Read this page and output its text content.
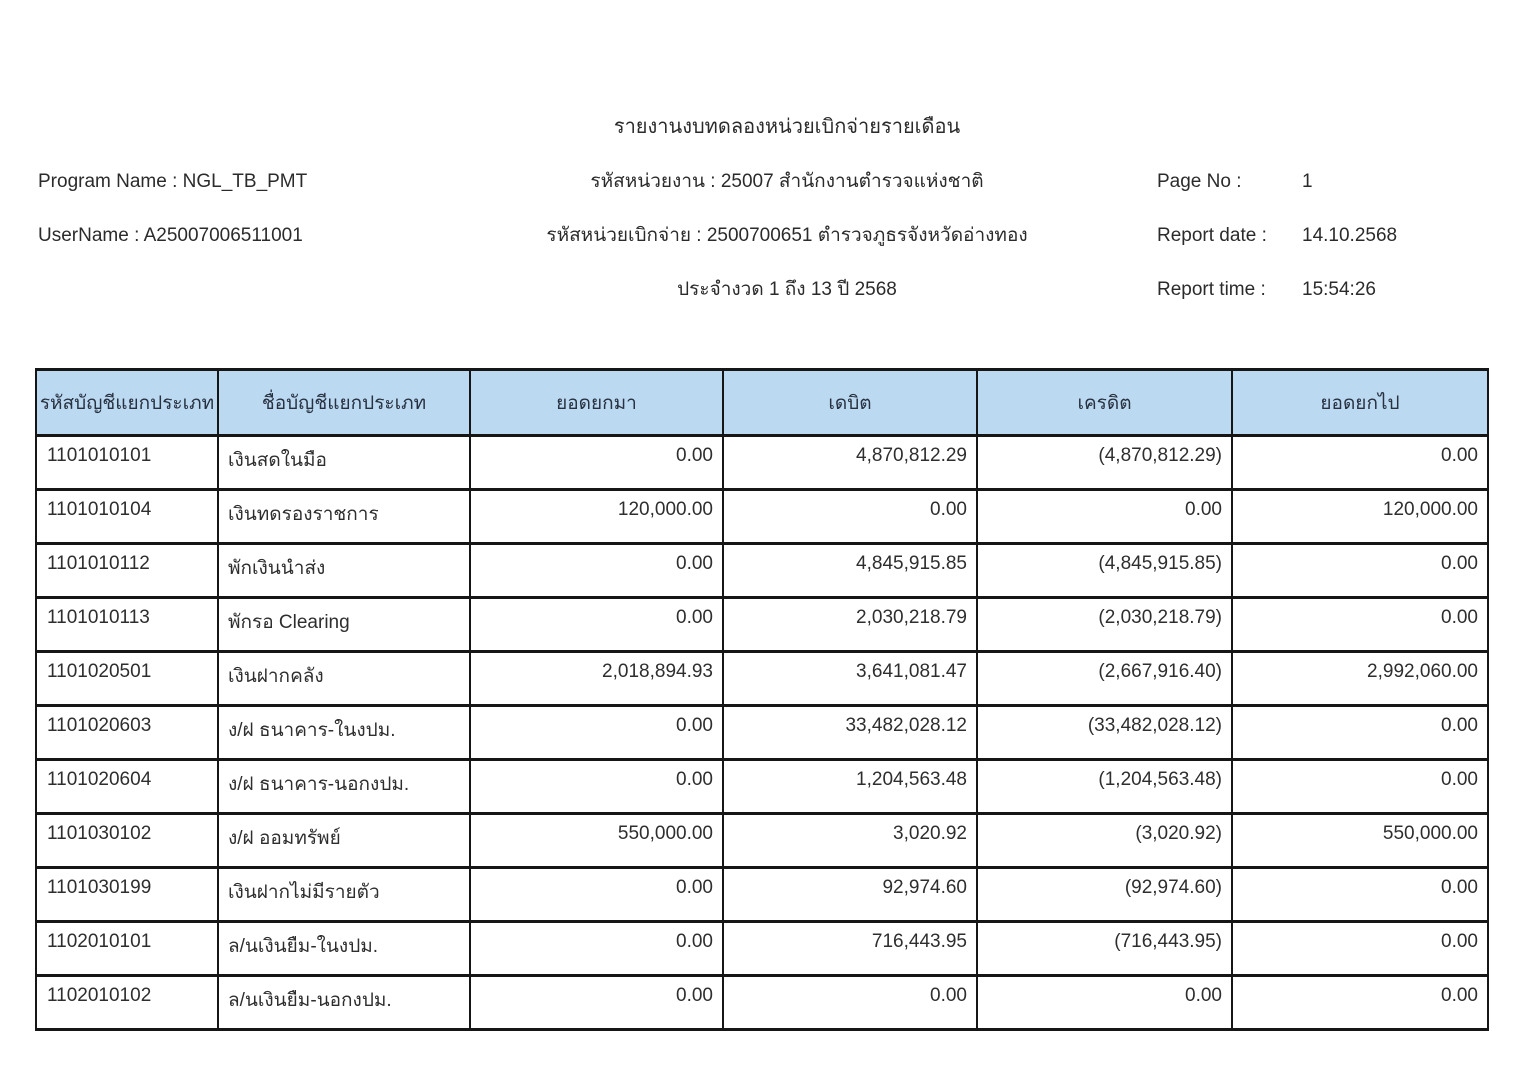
รายงานงบทดลองหน่วยเบิกจ่ายรายเดือน
Program Name : NGL_TB_PMT
UserName : A25007006511001
รหัสหน่วยงาน : 25007 สำนักงานตำรวจแห่งชาติ
รหัสหน่วยเบิกจ่าย : 2500700651 ตำรวจภูธรจังหวัดอ่างทอง
ประจำงวด 1 ถึง 13 ปี 2568
Page No :	1
Report date : 14.10.2568
Report time : 15:54:26
รหัสบัญชีแยกประเภท	ชื่อบัญชีแยกประเภท	ยอดยกมา	เดบิต	เครดิต	ยอดยกไป
1101010101	เงินสดในมือ	0.00	4,870,812.29	(4,870,812.29)	0.00
1101010104	เงินทดรองราชการ	120,000.00	0.00	0.00	120,000.00
1101010112	พักเงินนำส่ง	0.00	4,845,915.85	(4,845,915.85)	0.00
1101010113	พักรอ Clearing	0.00	2,030,218.79	(2,030,218.79)	0.00
1101020501	เงินฝากคลัง	2,018,894.93	3,641,081.47	(2,667,916.40)	2,992,060.00
1101020603	ง/ฝ ธนาคาร-ในงปม.	0.00	33,482,028.12	(33,482,028.12)	0.00
1101020604	ง/ฝ ธนาคาร-นอกงปม.	0.00	1,204,563.48	(1,204,563.48)	0.00
1101030102	ง/ฝ ออมทรัพย์	550,000.00	3,020.92	(3,020.92)	550,000.00
1101030199	เงินฝากไม่มีรายตัว	0.00	92,974.60	(92,974.60)	0.00
1102010101	ล/นเงินยืม-ในงปม.	0.00	716,443.95	(716,443.95)	0.00
1102010102	ล/นเงินยืม-นอกงปม.	0.00	0.00	0.00	0.00
